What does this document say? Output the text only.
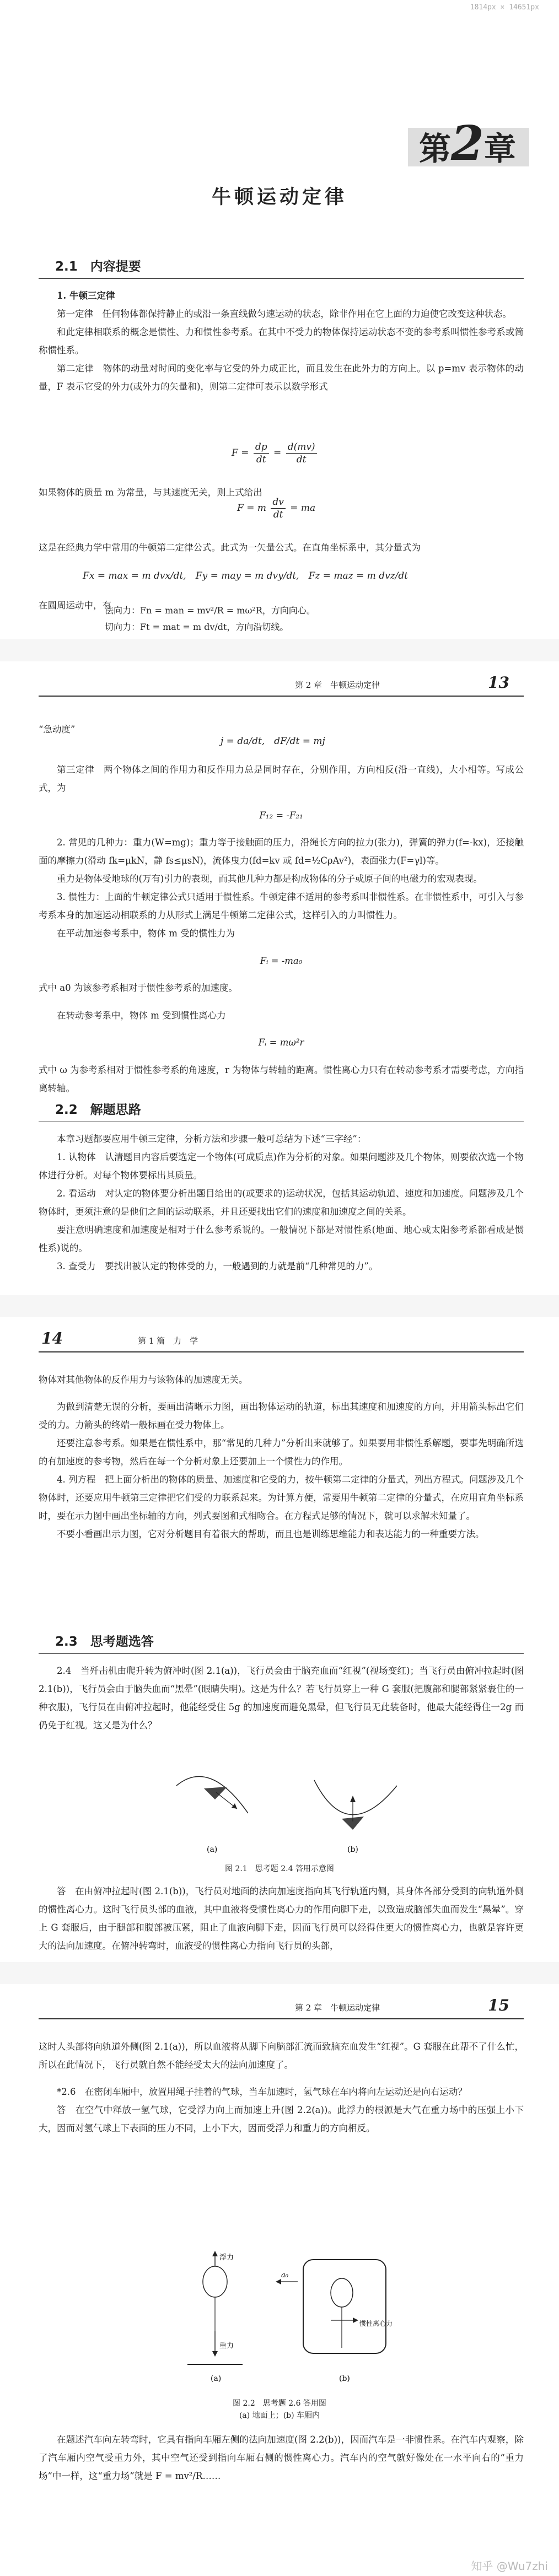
1814px × 14651px
第2章
牛顿运动定律
2.1　内容提要

1. 牛顿三定律

第一定律　任何物体都保持静止的或沿一条直线做匀速运动的状态，除非作用在它上面的力迫使它改变这种状态。

和此定律相联系的概念是惯性、力和惯性参考系。在其中不受力的物体保持运动状态不变的参考系叫惯性参考系或简称惯性系。

第二定律　物体的动量对时间的变化率与它受的外力成正比，而且发生在此外力的方向上。以 p=mv 表示物体的动量，F 表示它受的外力(或外力的矢量和)，则第二定律可表示以数学形式

$F = \frac{dp}{dt} = \frac{d(mv)}{dt}$

如果物体的质量 m 为常量，与其速度无关，则上式给出

F = m $\frac{dv}{dt}$ = ma

这是在经典力学中常用的牛顿第二定律公式。此式为一矢量公式。在直角坐标系中，其分量式为

Fx = max = m dvx/dt,　Fy = may = m dvy/dt,　Fz = maz = m dvz/dt

在圆周运动中，有

法向力：Fn = man = mv²/R = mω²R，方向向心。
切向力：Ft = mat = m dv/dt，方向沿切线。
第 2 章　牛顿运动定律	13

“急动度”

j = da/dt,　dF/dt = mj

第三定律　两个物体之间的作用力和反作用力总是同时存在，分别作用，方向相反(沿一直线)，大小相等。写成公式，为

F₁₂ = -F₂₁

2. 常见的几种力：重力(W=mg)；重力等于接触面的压力，沿绳长方向的拉力(张力)，弹簧的弹力(f=-kx)，还接触面的摩擦力(滑动 fk=μkN，静 fs≤μsN)，流体曳力(fd=kv 或 fd=½CρAv²)，表面张力(F=γl)等。

重力是物体受地球的(万有)引力的表现，而其他几种力都是构成物体的分子或原子间的电磁力的宏观表现。

3. 惯性力：上面的牛顿定律公式只适用于惯性系。牛顿定律不适用的参考系叫非惯性系。在非惯性系中，可引入与参考系本身的加速运动相联系的力从形式上满足牛顿第二定律公式，这样引入的力叫惯性力。

在平动加速参考系中，物体 m 受的惯性力为

Fᵢ = -ma₀

式中 a0 为该参考系相对于惯性参考系的加速度。

在转动参考系中，物体 m 受到惯性离心力

Fᵢ = mω²r

式中 ω 为参考系相对于惯性参考系的角速度，r 为物体与转轴的距离。惯性离心力只有在转动参考系才需要考虑，方向指离转轴。

2.2　解题思路

本章习题都要应用牛顿三定律，分析方法和步骤一般可总结为下述“三字经”：

1. 认物体　认清题目内容后要选定一个物体(可成质点)作为分析的对象。如果问题涉及几个物体，则要依次选一个物体进行分析。对每个物体要标出其质量。

2. 看运动　对认定的物体要分析出题目给出的(或要求的)运动状况，包括其运动轨道、速度和加速度。问题涉及几个物体时，更须注意的是他们之间的运动联系，并且还要找出它们的速度和加速度之间的关系。

要注意明确速度和加速度是相对于什么参考系说的。一般情况下都是对惯性系(地面、地心或太阳参考系都看成是惯性系)说的。

3. 查受力　要找出被认定的物体受的力，一般遇到的力就是前“几种常见的力”。

14	第 1 篇　力　学

物体对其他物体的反作用力与该物体的加速度无关。

为做到清楚无误的分析，要画出清晰示力图，画出物体运动的轨道，标出其速度和加速度的方向，并用箭头标出它们受的力。力箭头的终端一般标画在受力物体上。

还要注意参考系。如果是在惯性系中，那“常见的几种力”分析出来就够了。如果要用非惯性系解题，要事先明确所选的有加速度的参考物，然后在每一个分析对象上还要加上一个惯性力的作用。

4. 列方程　把上面分析出的物体的质量、加速度和它受的力，按牛顿第二定律的分量式，列出方程式。问题涉及几个物体时，还要应用牛顿第三定律把它们受的力联系起来。为计算方便，常要用牛顿第二定律的分量式，在应用直角坐标系时，要在示力图中画出坐标轴的方向，列式要图和式相吻合。在方程式足够的情况下，就可以求解未知量了。

不要小看画出示力图，它对分析题目有着很大的帮助，而且也是训练思维能力和表达能力的一种重要方法。

2.3　思考题选答

2.4　当歼击机由爬升转为俯冲时(图 2.1(a))，飞行员会由于脑充血而“红视”(视场变红)；当飞行员由俯冲拉起时(图 2.1(b))，飞行员会由于脑失血而“黑晕”(眼睛失明)。这是为什么？若飞行员穿上一种 G 套服(把腹部和腿部紧紧裹住的一种衣服)，飞行员在由俯冲拉起时，他能经受住 5g 的加速度而避免黑晕，但飞行员无此装备时，他最大能经得住一2g 而仍免于红视。这又是为什么？

(a)	(b)
图 2.1　思考题 2.4 答用示意图

答　在由俯冲拉起时(图 2.1(b))，飞行员对地面的法向加速度指向其飞行轨道内侧，其身体各部分受到的向轨道外侧的惯性离心力。这时飞行员头部的血液，其中血液将受惯性离心力的作用向脚下走，以致造成脑部失血而发生“黑晕”。穿上 G 套服后，由于腿部和腹部被压紧，阻止了血液向脚下走，因而飞行员可以经得住更大的惯性离心力，也就是容许更大的法向加速度。在俯冲转弯时，血液受的惯性离心力指向飞行员的头部，

第 2 章　牛顿运动定律	15

这时人头部将向轨道外侧(图 2.1(a))，所以血液将从脚下向脑部汇流而致脑充血发生“红视”。G 套服在此帮不了什么忙，所以在此情况下，飞行员就自然不能经受太大的法向加速度了。

*2.6　在密闭车厢中，放置用绳子挂着的气球，当车加速时，氢气球在车内将向左运动还是向右运动？

答　在空气中释放一氢气球，它受浮力向上而加速上升(图 2.2(a))。此浮力的根源是大气在重力场中的压强上小下大，因而对氢气球上下表面的压力不同，上小下大，因而受浮力和重力的方向相反。

浮力
重力
(a)
a₀
惯性离心力
(b)
图 2.2　思考题 2.6 答用图
(a) 地面上；(b) 车厢内

在题述汽车向左转弯时，它具有指向车厢左侧的法向加速度(图 2.2(b))，因而汽车是一非惯性系。在汽车内观察，除了汽车厢内空气受重力外，其中空气还受到指向车厢右侧的惯性离心力。汽车内的空气就好像处在一水平向右的“重力场”中一样，这“重力场”就是 F = mv²/R……

知乎 @Wu7zhi
